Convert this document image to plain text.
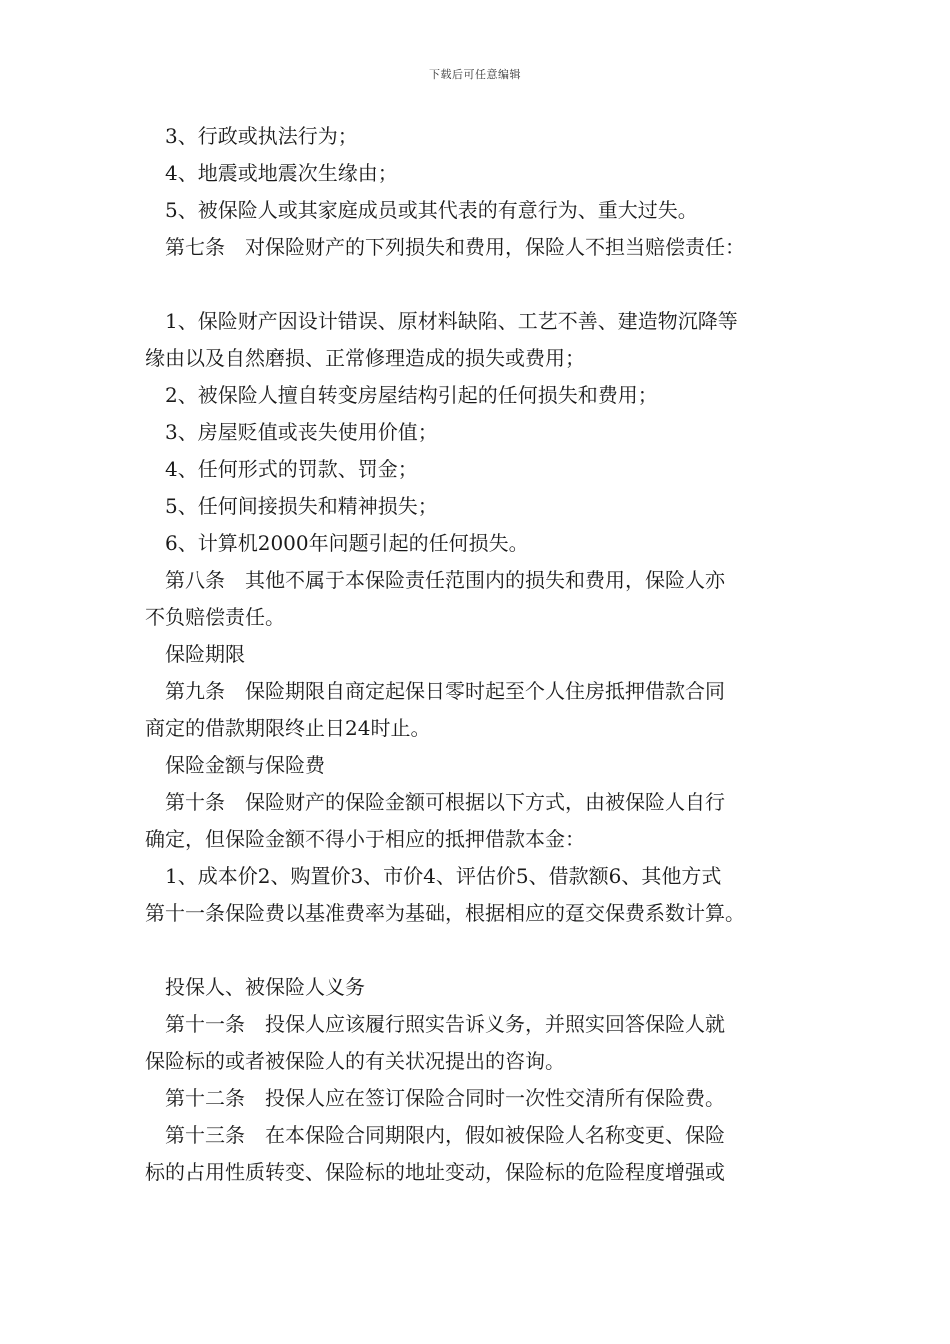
下载后可任意编辑
3、行政或执法行为；
4、地震或地震次生缘由；
5、被保险人或其家庭成员或其代表的有意行为、重大过失。
第七条　对保险财产的下列损失和费用，保险人不担当赔偿责任：
1、保险财产因设计错误、原材料缺陷、工艺不善、建造物沉降等
缘由以及自然磨损、正常修理造成的损失或费用；
2、被保险人擅自转变房屋结构引起的任何损失和费用；
3、房屋贬值或丧失使用价值；
4、任何形式的罚款、罚金；
5、任何间接损失和精神损失；
6、计算机2000年问题引起的任何损失。
第八条　其他不属于本保险责任范围内的损失和费用，保险人亦
不负赔偿责任。
保险期限
第九条　保险期限自商定起保日零时起至个人住房抵押借款合同
商定的借款期限终止日24时止。
保险金额与保险费
第十条　保险财产的保险金额可根据以下方式，由被保险人自行
确定，但保险金额不得小于相应的抵押借款本金：
1、成本价2、购置价3、市价4、评估价5、借款额6、其他方式
第十一条保险费以基准费率为基础，根据相应的趸交保费系数计算。
投保人、被保险人义务
第十一条　投保人应该履行照实告诉义务，并照实回答保险人就
保险标的或者被保险人的有关状况提出的咨询。
第十二条　投保人应在签订保险合同时一次性交清所有保险费。
第十三条　在本保险合同期限内，假如被保险人名称变更、保险
标的占用性质转变、保险标的地址变动，保险标的危险程度增强或
